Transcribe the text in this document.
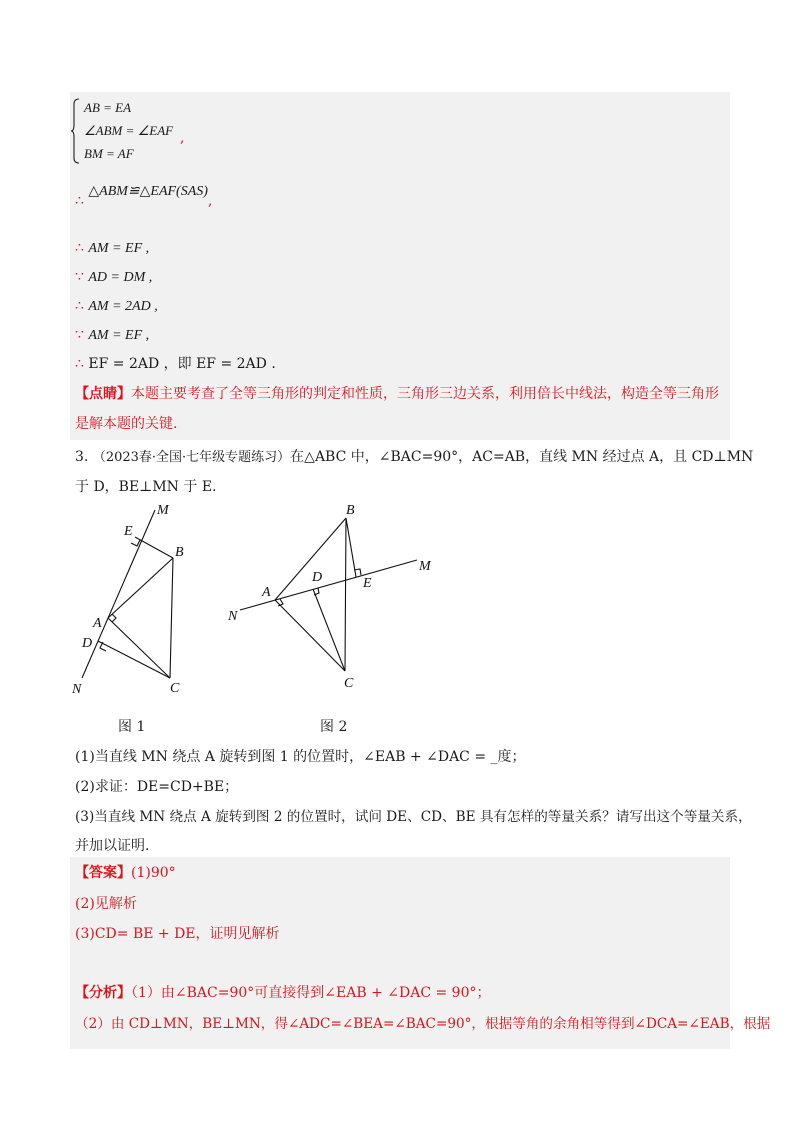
AB = EA
∠ABM = ∠EAF
BM = AF
,
∴ △ABM≌△EAF(SAS),
∴ AM = EF ,
∵ AD = DM ,
∴ AM = 2AD ,
∵ AM = EF ,
∴ EF = 2AD ，即 EF = 2AD .
【点睛】本题主要考查了全等三角形的判定和性质，三角形三边关系，利用倍长中线法，构造全等三角形
是解本题的关键.
3. （2023春·全国·七年级专题练习）在△ABC 中，∠BAC=90°，AC=AB，直线 MN 经过点 A，且 CD⊥MN
于 D，BE⊥MN 于 E.
M
E
B
A
D
N	C
图 1
B
D	E
M
A
N
C
图 2
(1)当直线 MN 绕点 A 旋转到图 1 的位置时，∠EAB + ∠DAC = _度；
(2)求证：DE=CD+BE；
(3)当直线 MN 绕点 A 旋转到图 2 的位置时，试问 DE、CD、BE 具有怎样的等量关系？请写出这个等量关系，
并加以证明.
【答案】(1)90°
(2)见解析
(3)CD= BE + DE，证明见解析
【分析】（1）由∠BAC=90°可直接得到∠EAB + ∠DAC = 90°；
（2）由 CD⊥MN，BE⊥MN，得∠ADC=∠BEA=∠BAC=90°，根据等角的余角相等得到∠DCA=∠EAB，根据
